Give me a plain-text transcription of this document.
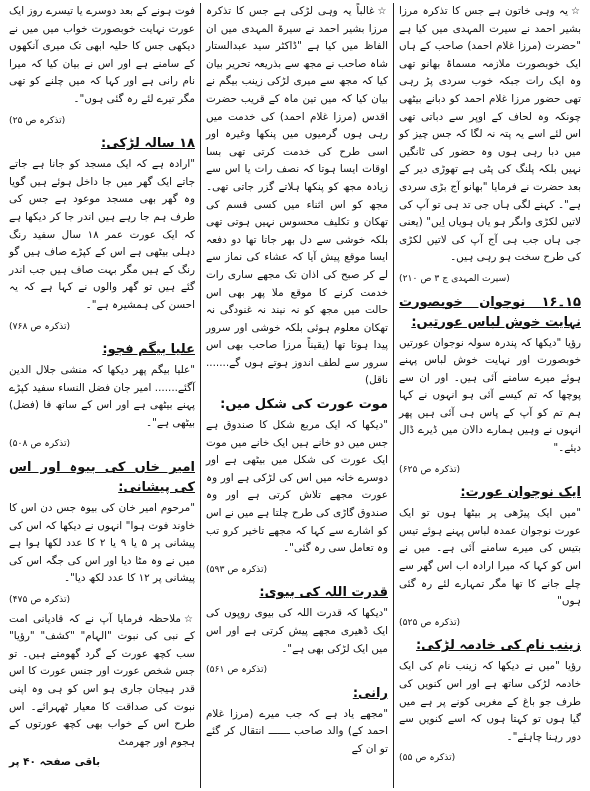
☆یہ وہی خاتون ہے جس کا تذکرہ مرزا بشیر احمد نے سیرت المہدی میں کیا ہے "حضرت (مرزا غلام احمد) صاحب کے ہاں ایک خوبصورت ملازمہ مسماۃ بھانو تھی وہ ایک رات جبکہ خوب سردی پڑ رہی تھی حضور مرزا غلام احمد کو دبانے بیٹھی چونکہ وہ لحاف کے اوپر سے دباتی تھی اس لئے اسے یہ پتہ نہ لگا کہ جس چیز کو میں دبا رہی ہوں وہ حضور کی ٹانگیں نہیں بلکہ پلنگ کی پٹی ہے تھوڑی دیر کے بعد حضرت نے فرمایا "بھانو آج بڑی سردی ہے"۔ کہنے لگی ہاں جی تد ہی تو آپ کی لاتیں لکڑی واںگر ہو یاں ہویاں اِیں" (یعنی جی ہاں جب ہی آج آپ کی لاتیں لکڑی کی طرح سخت ہو رہی ہیں۔
(سیرت المہدی ج ۳ ص ۲۱۰)
۱۵۔۱۶ نوجوان خوبصورت نہایت خوش لباس عورتیں:
رؤیا "دیکھا کہ پندرہ سولہ نوجوان عورتیں خوبصورت اور نہایت خوش لباس پہنے ہوئے میرے سامنے آئی ہیں۔ اور ان سے پوچھا کہ تم کیسے آئی ہو انہوں نے کہا ہم تم کو آپ کے پاس ہی آئی ہیں پھر انہوں نے وہیں ہمارے دالان میں ڈیرے ڈال دیئے۔"
(تذکرہ ص ۶۲۵)
ایک نوجوان عورت:
"میں ایک پیڑھی پر بیٹھا ہوں تو ایک عورت نوجوان عمدہ لباس پہنے ہوئے تیس بتیس کی میرے سامنے آئی ہے۔ میں نے اس کو کہا کہ میرا ارادہ اب اس گھر سے چلے جانے کا تھا مگر تمہارے لئے رہ گئی ہوں"
(تذکرہ ص ۵۲۵)
زینب نام کی خادمہ لڑکی:
رؤیا "میں نے دیکھا کہ زینب نام کی ایک خادمہ لڑکی ساتھ ہے اور اس کنویں کی طرف جو باغ کے مغربی کونے پر ہے میں گیا ہوں تو کہتا ہوں کہ اسے کنویں سے دور رہنا چاہئے"۔
(تذکرہ ص ۵۵)
☆غالباً یہ وہی لڑکی ہے جس کا تذکرہ مرزا بشیر احمد نے سیرۃ المہدی میں ان الفاظ میں کیا ہے "ڈاکٹر سید عبدالستار شاہ صاحب نے مجھ سے بذریعہ تحریر بیان کیا کہ مجھ سے میری لڑکی زینب بیگم نے بیان کیا کہ میں تین ماہ کے قریب حضرت اقدس (مرزا غلام احمد) کی خدمت میں رہی ہوں گرمیوں میں پنکھا وغیرہ اور اسی طرح کی خدمت کرتی تھی بسا اوقات ایسا ہوتا کہ نصف رات یا اس سے زیادہ مجھ کو پنکھا ہلاتے گزر جاتی تھی۔ مجھ کو اس اثناء میں کسی قسم کی تھکان و تکلیف محسوس نہیں ہوتی تھی بلکہ خوشی سے دل بھر جاتا تھا دو دفعہ ایسا موقع پیش آیا کہ عشاء کی نماز سے لے کر صبح کی اذان تک مجھے ساری رات خدمت کرنے کا موقع ملا پھر بھی اس حالت میں مجھ کو نہ نیند نہ غنودگی نہ تھکان معلوم ہوئی بلکہ خوشی اور سرور پیدا ہوتا تھا (یقیناً مرزا صاحب بھی اس سرور سے لطف اندوز ہوتے ہوں گے....... ناقل)
موت عورت کی شکل میں:
"دیکھا کہ ایک مربع شکل کا صندوق ہے جس میں دو خانے ہیں ایک خانے میں موت ایک عورت کی شکل میں بیٹھی ہے اور دوسرے خانہ میں اس کی لڑکی ہے اور وہ عورت مجھے تلاش کرتی ہے اور وہ صندوق گاڑی کی طرح چلتا ہے میں نے اس کو اشارے سے کہا کہ مجھے تاخیر کرو تب وہ تعامل سی رہ گئی"۔
(تذکرہ ص ۵۹۳)
قدرت اللہ کی بیوی:
"دیکھا کہ قدرت اللہ کی بیوی روپوں کی ایک ڈھیری مجھے پیش کرتی ہے اور اس میں ایک لڑکی بھی ہے"۔
(تذکرہ ص ۵۶۱)
رانی:
"مجھے یاد ہے کہ جب میرے (مرزا غلام احمد کے) والد صاحب ـــــــ انتقال کر گئے تو ان کے
فوت ہونے کے بعد دوسرے یا تیسرے روز ایک عورت نہایت خوبصورت خواب میں میں نے دیکھی جس کا حلیہ ابھی تک میری آنکھوں کے سامنے ہے اور اس نے بیان کیا کہ میرا نام رانی ہے اور کہا کہ میں چلنے کو تھی مگر تیرے لئے رہ گئی ہوں"۔
(تذکرہ ص ۲۵)
۱۸ سالہ لڑکی:
"ارادہ ہے کہ ایک مسجد کو جانا ہے جاتے جاتے ایک گھر میں جا داخل ہوئے ہیں گویا وہ گھر بھی مسجد موعود ہے جس کی طرف ہم جا رہے ہیں اندر جا کر دیکھا ہے کہ ایک عورت عمر ۱۸ سال سفید رنگ دہلی بیٹھی ہے اس کے کپڑے صاف ہیں گو رنگ کے ہیں مگر بہت صاف ہیں جب اندر گئے ہیں تو گھر والوں نے کہا ہے کہ یہ احسن کی ہمشیرہ ہے"۔
(تذکرہ ص ۷۶۸)
علیا بیگم فجو:
"علیا بیگم پھر دیکھا کہ منشی جلال الدین آگئے....... امیر جان فضل النساء سفید کپڑے پہنے بیٹھی ہے اور اس کے ساتھ فا (فضل) بیٹھی ہے"۔
(تذکرہ ص ۵۰۸)
امیر خاں کی بیوہ اور اس کی پیشانی:
"مرحوم امیر خان کی بیوہ جس دن اس کا خاوند فوت ہوا" انہوں نے دیکھا کہ اس کی پیشانی پر ۵ یا ۹ یا ۲ کا عدد لکھا ہوا ہے میں نے وہ مٹا دیا اور اس کی جگہ اس کی پیشانی پر ۱۲ کا عدد لکھ دیا"۔
(تذکرہ ص ۴۷۵)
☆ملاحظہ فرمایا آپ نے کہ قادیانی امت کے نبی کی نبوت "الہام" "کشف" "رؤیا" سب کچھ عورت کے گرد گھومتے ہیں۔ تو جس شخص عورت اور جنس عورت کا اس قدر ہیجان جاری ہو اس کو ہی وہ اپنی نبوت کی صداقت کا معیار ٹھہرائے۔ اس طرح اس کے خواب بھی کچھ عورتوں کے ہجوم اور جھرمٹ
باقی صفحہ ۴۰ پر
